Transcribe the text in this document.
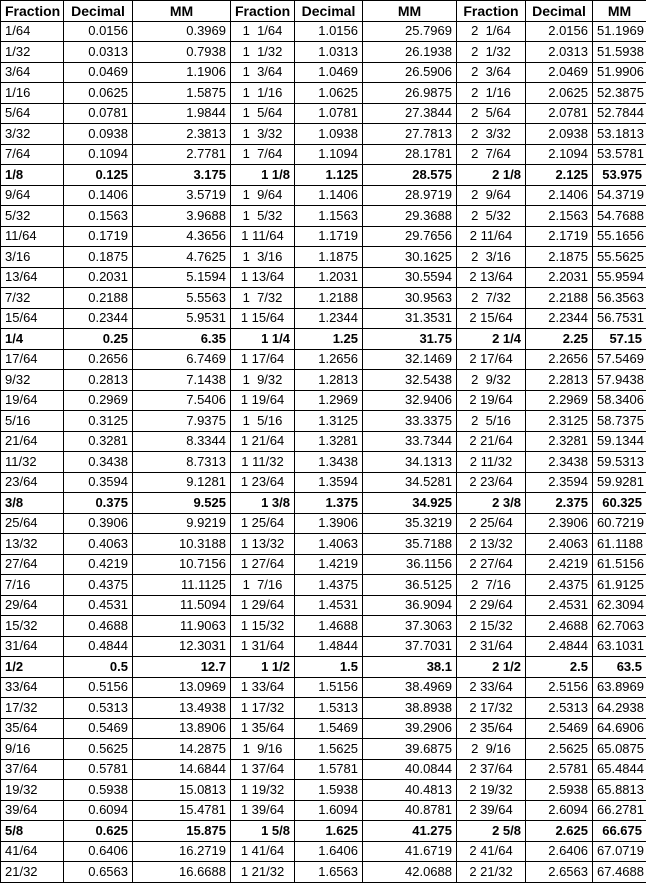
Fraction	Decimal	MM	Fraction	Decimal	MM	Fraction	Decimal	MM
1/64	0.0156	0.3969	1  1/64	1.0156	25.7969	2  1/64	2.0156	51.1969
1/32	0.0313	0.7938	1  1/32	1.0313	26.1938	2  1/32	2.0313	51.5938
3/64	0.0469	1.1906	1  3/64	1.0469	26.5906	2  3/64	2.0469	51.9906
1/16	0.0625	1.5875	1  1/16	1.0625	26.9875	2  1/16	2.0625	52.3875
5/64	0.0781	1.9844	1  5/64	1.0781	27.3844	2  5/64	2.0781	52.7844
3/32	0.0938	2.3813	1  3/32	1.0938	27.7813	2  3/32	2.0938	53.1813
7/64	0.1094	2.7781	1  7/64	1.1094	28.1781	2  7/64	2.1094	53.5781
1/8	0.125	3.175	1 1/8	1.125	28.575	2 1/8	2.125	53.975
9/64	0.1406	3.5719	1  9/64	1.1406	28.9719	2  9/64	2.1406	54.3719
5/32	0.1563	3.9688	1  5/32	1.1563	29.3688	2  5/32	2.1563	54.7688
11/64	0.1719	4.3656	1 11/64	1.1719	29.7656	2 11/64	2.1719	55.1656
3/16	0.1875	4.7625	1  3/16	1.1875	30.1625	2  3/16	2.1875	55.5625
13/64	0.2031	5.1594	1 13/64	1.2031	30.5594	2 13/64	2.2031	55.9594
7/32	0.2188	5.5563	1  7/32	1.2188	30.9563	2  7/32	2.2188	56.3563
15/64	0.2344	5.9531	1 15/64	1.2344	31.3531	2 15/64	2.2344	56.7531
1/4	0.25	6.35	1 1/4	1.25	31.75	2 1/4	2.25	57.15
17/64	0.2656	6.7469	1 17/64	1.2656	32.1469	2 17/64	2.2656	57.5469
9/32	0.2813	7.1438	1  9/32	1.2813	32.5438	2  9/32	2.2813	57.9438
19/64	0.2969	7.5406	1 19/64	1.2969	32.9406	2 19/64	2.2969	58.3406
5/16	0.3125	7.9375	1  5/16	1.3125	33.3375	2  5/16	2.3125	58.7375
21/64	0.3281	8.3344	1 21/64	1.3281	33.7344	2 21/64	2.3281	59.1344
11/32	0.3438	8.7313	1 11/32	1.3438	34.1313	2 11/32	2.3438	59.5313
23/64	0.3594	9.1281	1 23/64	1.3594	34.5281	2 23/64	2.3594	59.9281
3/8	0.375	9.525	1 3/8	1.375	34.925	2 3/8	2.375	60.325
25/64	0.3906	9.9219	1 25/64	1.3906	35.3219	2 25/64	2.3906	60.7219
13/32	0.4063	10.3188	1 13/32	1.4063	35.7188	2 13/32	2.4063	61.1188
27/64	0.4219	10.7156	1 27/64	1.4219	36.1156	2 27/64	2.4219	61.5156
7/16	0.4375	11.1125	1  7/16	1.4375	36.5125	2  7/16	2.4375	61.9125
29/64	0.4531	11.5094	1 29/64	1.4531	36.9094	2 29/64	2.4531	62.3094
15/32	0.4688	11.9063	1 15/32	1.4688	37.3063	2 15/32	2.4688	62.7063
31/64	0.4844	12.3031	1 31/64	1.4844	37.7031	2 31/64	2.4844	63.1031
1/2	0.5	12.7	1 1/2	1.5	38.1	2 1/2	2.5	63.5
33/64	0.5156	13.0969	1 33/64	1.5156	38.4969	2 33/64	2.5156	63.8969
17/32	0.5313	13.4938	1 17/32	1.5313	38.8938	2 17/32	2.5313	64.2938
35/64	0.5469	13.8906	1 35/64	1.5469	39.2906	2 35/64	2.5469	64.6906
9/16	0.5625	14.2875	1  9/16	1.5625	39.6875	2  9/16	2.5625	65.0875
37/64	0.5781	14.6844	1 37/64	1.5781	40.0844	2 37/64	2.5781	65.4844
19/32	0.5938	15.0813	1 19/32	1.5938	40.4813	2 19/32	2.5938	65.8813
39/64	0.6094	15.4781	1 39/64	1.6094	40.8781	2 39/64	2.6094	66.2781
5/8	0.625	15.875	1 5/8	1.625	41.275	2 5/8	2.625	66.675
41/64	0.6406	16.2719	1 41/64	1.6406	41.6719	2 41/64	2.6406	67.0719
21/32	0.6563	16.6688	1 21/32	1.6563	42.0688	2 21/32	2.6563	67.4688
